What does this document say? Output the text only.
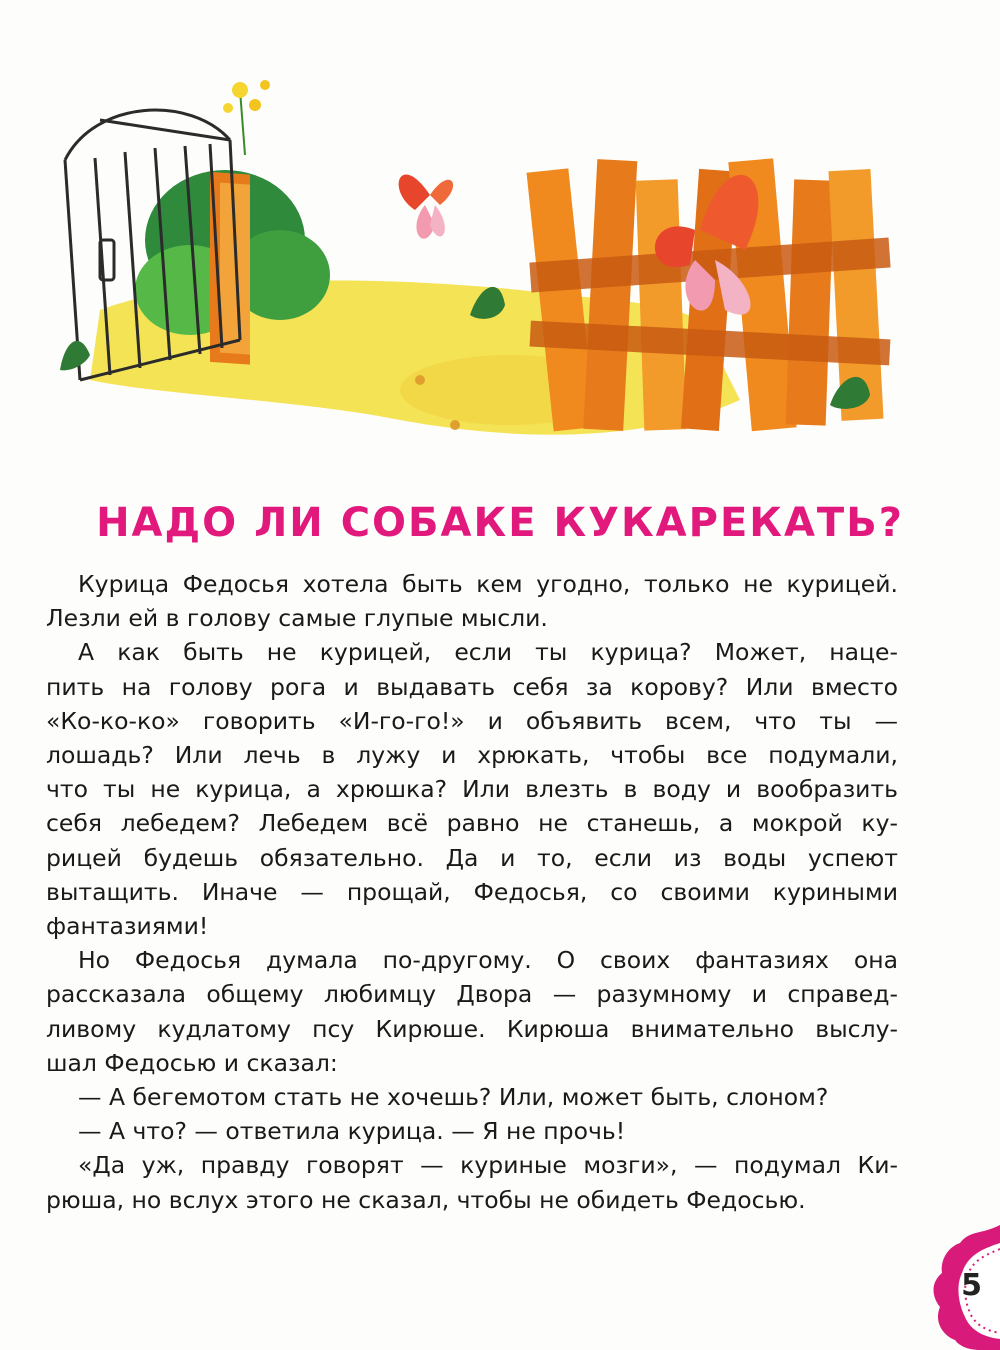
НАДО ЛИ СОБАКЕ КУКАРЕКАТЬ?
Курица Федосья хотела быть кем угодно, только не курицей.
Лезли ей в голову самые глупые мысли.
А как быть не курицей, если ты курица? Может, наце-
пить на голову рога и выдавать себя за корову? Или вместо
«Ко-ко-ко» говорить «И-го-го!» и объявить всем, что ты —
лошадь? Или лечь в лужу и хрюкать, чтобы все подумали,
что ты не курица, а хрюшка? Или влезть в воду и вообразить
себя лебедем? Лебедем всё равно не станешь, а мокрой ку-
рицей будешь обязательно. Да и то, если из воды успеют
вытащить. Иначе — прощай, Федосья, со своими куриными
фантазиями!
Но Федосья думала по-другому. О своих фантазиях она
рассказала общему любимцу Двора — разумному и справед-
ливому кудлатому псу Кирюше. Кирюша внимательно выслу-
шал Федосью и сказал:
— А бегемотом стать не хочешь? Или, может быть, слоном?
— А что? — ответила курица. — Я не прочь!
«Да уж, правду говорят — куриные мозги», — подумал Ки-
рюша, но вслух этого не сказал, чтобы не обидеть Федосью.
5
